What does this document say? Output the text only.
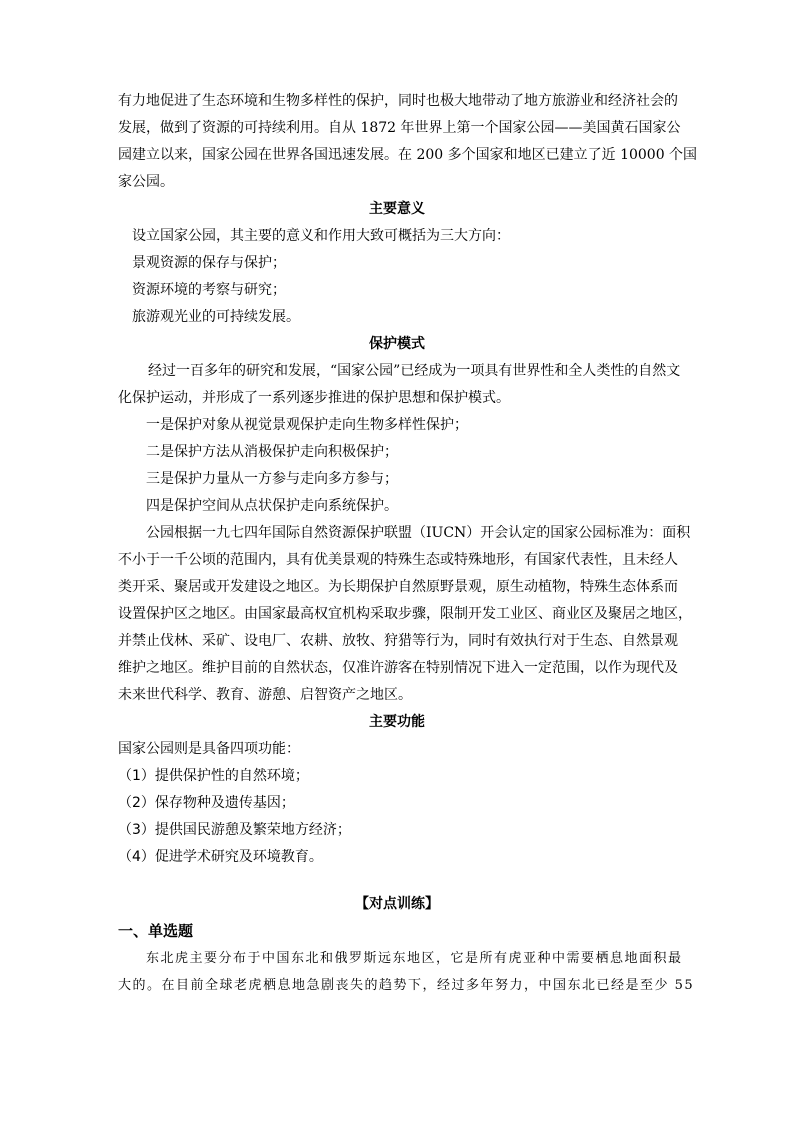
有力地促进了生态环境和生物多样性的保护，同时也极大地带动了地方旅游业和经济社会的
发展，做到了资源的可持续利用。自从 1872 年世界上第一个国家公园——美国黄石国家公
园建立以来，国家公园在世界各国迅速发展。在 200 多个国家和地区已建立了近 10000 个国
家公园。
主要意义
设立国家公园，其主要的意义和作用大致可概括为三大方向：
景观资源的保存与保护；
资源环境的考察与研究；
旅游观光业的可持续发展。
保护模式
经过一百多年的研究和发展，“国家公园”已经成为一项具有世界性和全人类性的自然文
化保护运动，并形成了一系列逐步推进的保护思想和保护模式。
一是保护对象从视觉景观保护走向生物多样性保护；
二是保护方法从消极保护走向积极保护；
三是保护力量从一方参与走向多方参与；
四是保护空间从点状保护走向系统保护。
公园根据一九七四年国际自然资源保护联盟（IUCN）开会认定的国家公园标准为：面积
不小于一千公顷的范围内，具有优美景观的特殊生态或特殊地形，有国家代表性，且未经人
类开采、聚居或开发建设之地区。为长期保护自然原野景观，原生动植物，特殊生态体系而
设置保护区之地区。由国家最高权宜机构采取步骤，限制开发工业区、商业区及聚居之地区，
并禁止伐林、采矿、设电厂、农耕、放牧、狩猎等行为，同时有效执行对于生态、自然景观
维护之地区。维护目前的自然状态，仅准许游客在特别情况下进入一定范围，以作为现代及
未来世代科学、教育、游憩、启智资产之地区。
主要功能
国家公园则是具备四项功能：
（1）提供保护性的自然环境；
（2）保存物种及遗传基因；
（3）提供国民游憩及繁荣地方经济；
（4）促进学术研究及环境教育。
【对点训练】
一、单选题
东北虎主要分布于中国东北和俄罗斯远东地区，它是所有虎亚种中需要栖息地面积最
大的。在目前全球老虎栖息地急剧丧失的趋势下，经过多年努力，中国东北已经是至少 55
